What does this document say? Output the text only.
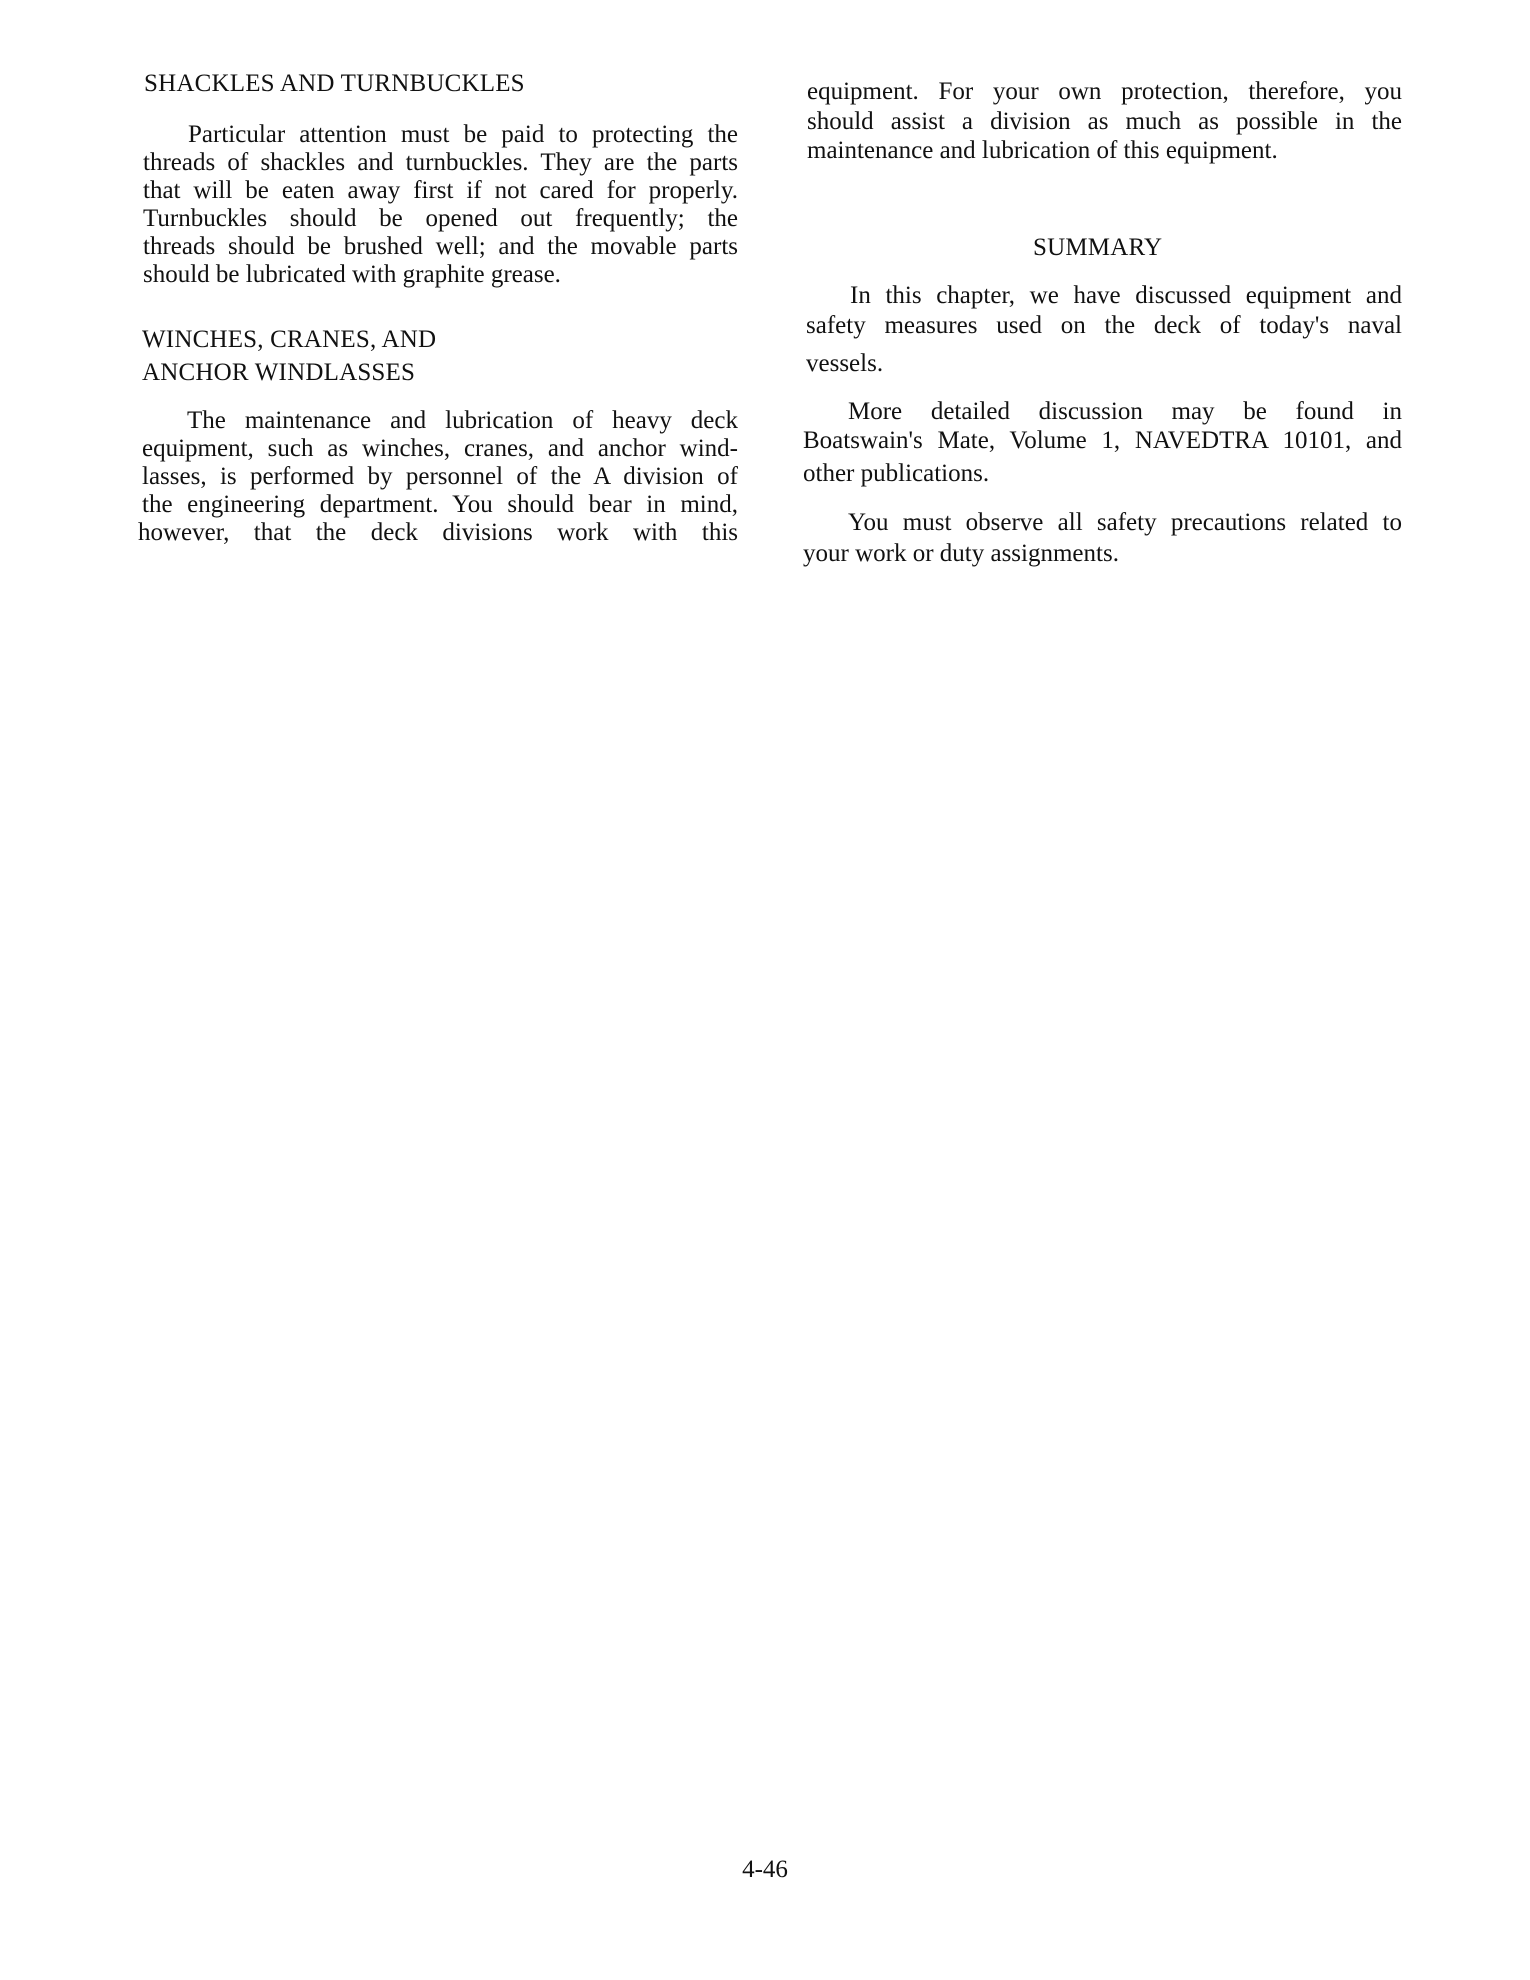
SHACKLES AND TURNBUCKLES
Particular attention must be paid to protecting the
threads of shackles and turnbuckles. They are the parts
that will be eaten away first if not cared for properly.
Turnbuckles should be opened out frequently; the
threads should be brushed well; and the movable parts
should be lubricated with graphite grease.
WINCHES, CRANES, AND
ANCHOR WINDLASSES
The maintenance and lubrication of heavy deck
equipment, such as winches, cranes, and anchor wind-
lasses, is performed by personnel of the A division of
the engineering department. You should bear in mind,
however, that the deck divisions work with this
equipment. For your own protection, therefore, you
should assist a division as much as possible in the
maintenance and lubrication of this equipment.
SUMMARY
In this chapter, we have discussed equipment and
safety measures used on the deck of today's naval
vessels.
More detailed discussion may be found in
Boatswain's Mate, Volume 1, NAVEDTRA 10101, and
other publications.
You must observe all safety precautions related to
your work or duty assignments.
4-46
